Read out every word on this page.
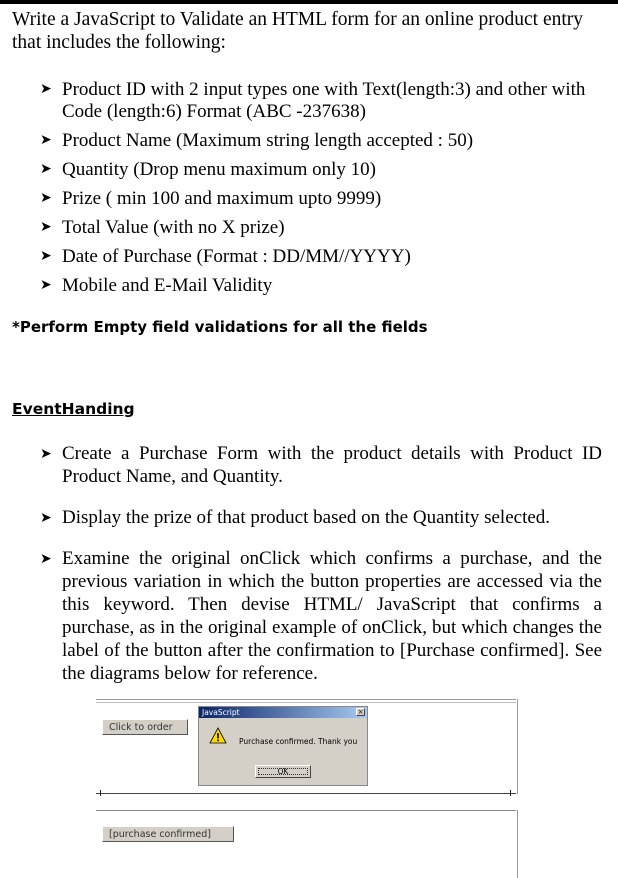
Write a JavaScript to Validate an HTML form for an online product entry that includes the following:
➤ Product ID with 2 input types one with Text(length:3) and other with Code (length:6) Format (ABC -237638)
➤ Product Name (Maximum string length accepted : 50)
➤ Quantity (Drop menu maximum only 10)
➤ Prize ( min 100 and maximum upto 9999)
➤ Total Value (with no X prize)
➤ Date of Purchase (Format : DD/MM//YYYY)
➤ Mobile and E-Mail Validity
*Perform Empty field validations for all the fields
EventHanding
➤ Create a Purchase Form with the product details with Product ID Product Name, and Quantity.
➤ Display the prize of that product based on the Quantity selected.
➤ Examine the original onClick which confirms a purchase, and the previous variation in which the button properties are accessed via the this keyword. Then devise HTML/ JavaScript that confirms a purchase, as in the original example of onClick, but which changes the label of the button after the confirmation to [Purchase confirmed]. See the diagrams below for reference.
Click to order
JavaScript	×
Purchase confirmed. Thank you
OK
[purchase confirmed]
